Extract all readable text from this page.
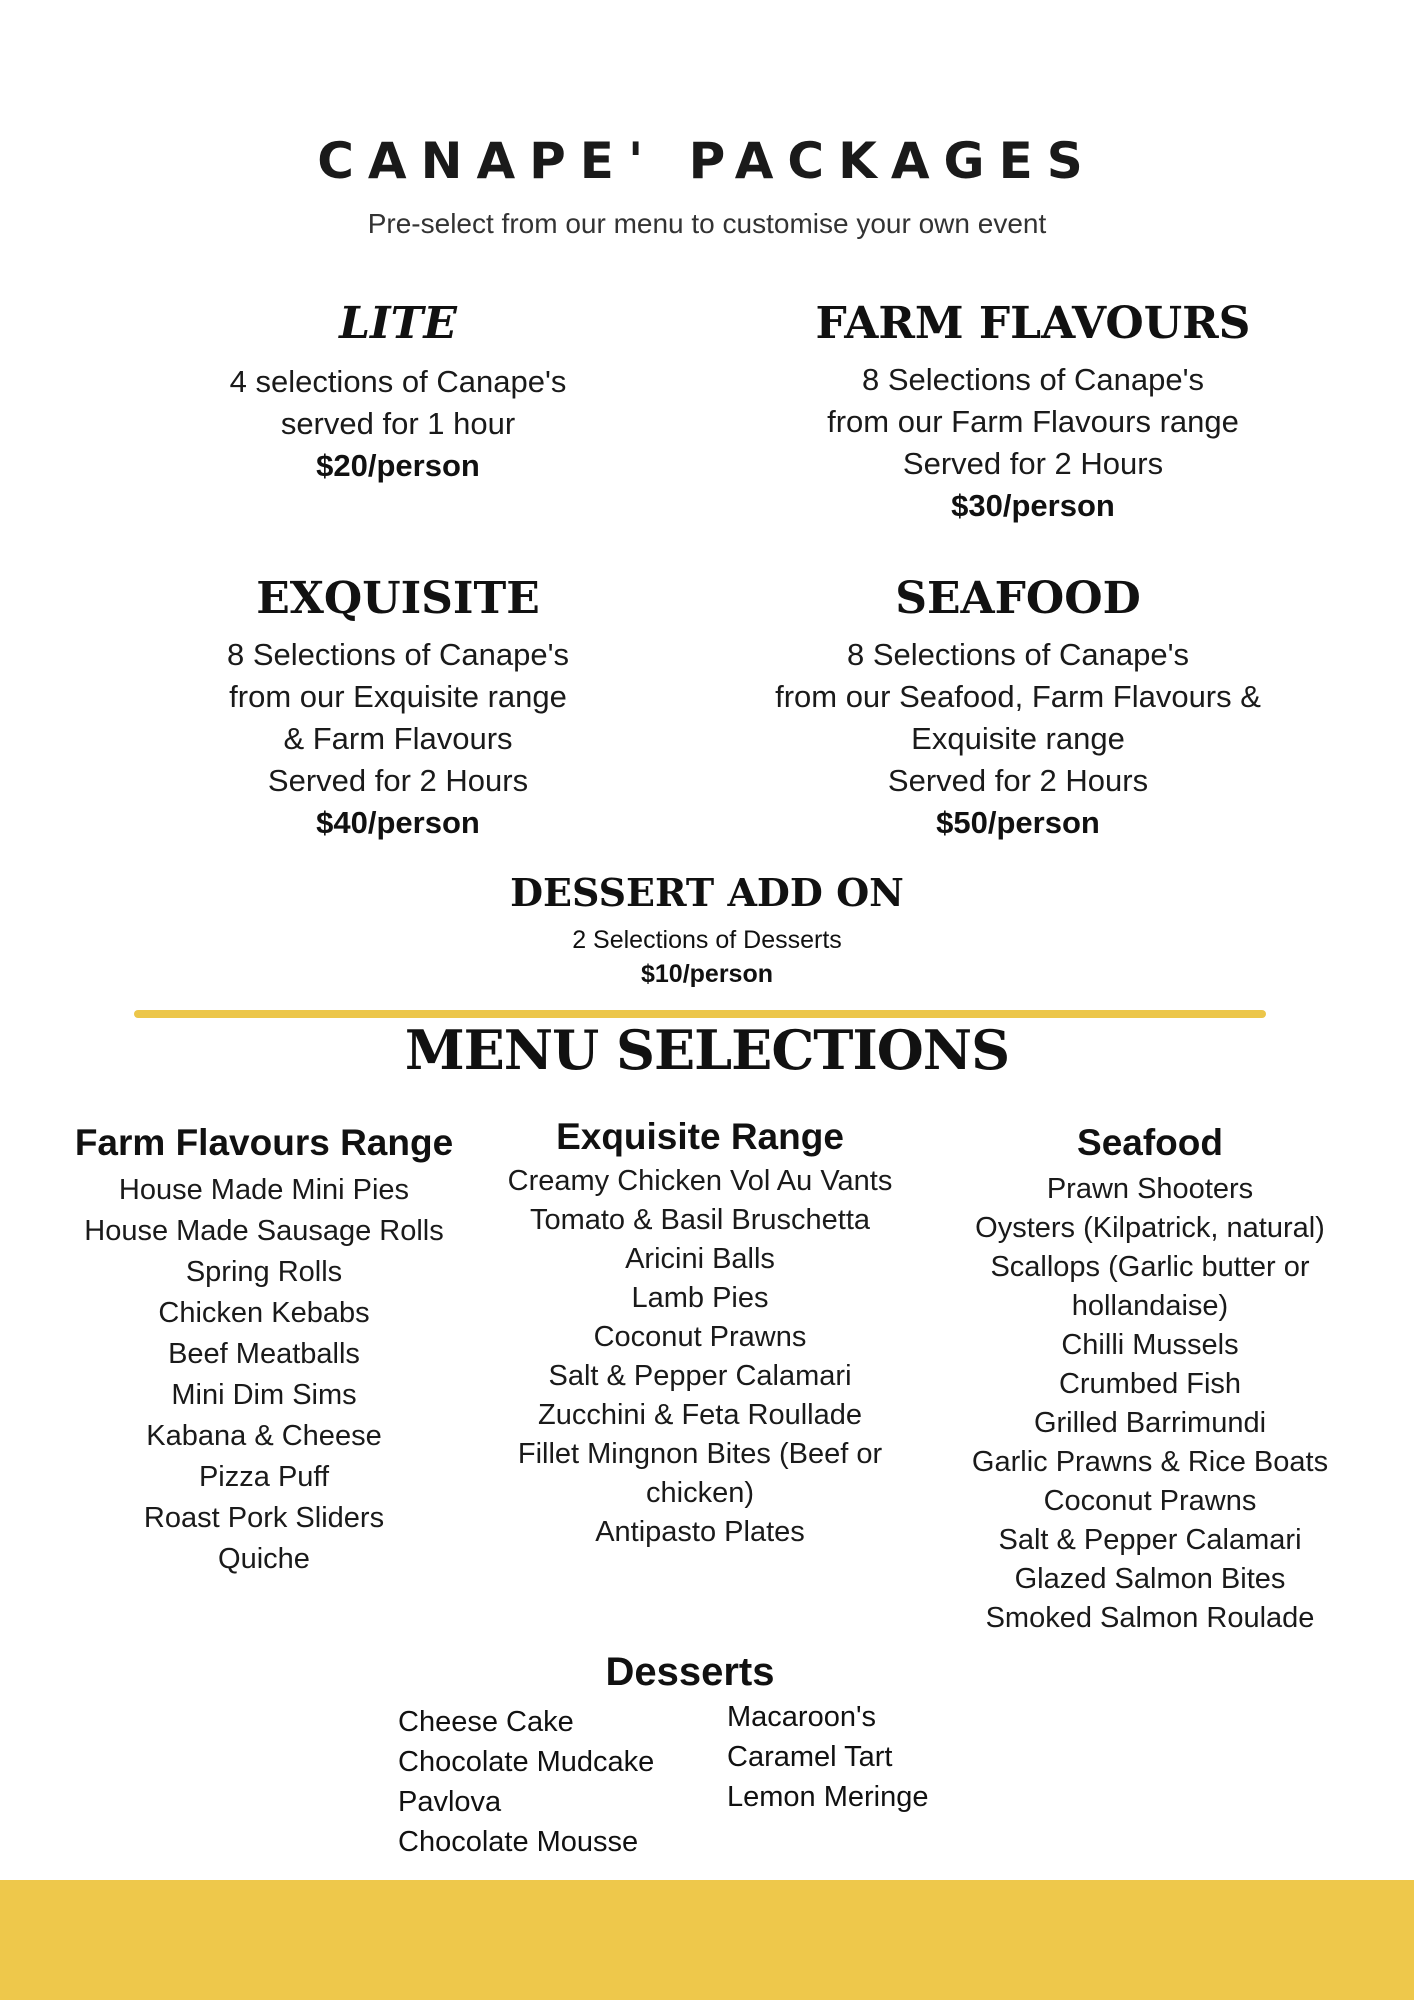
CANAPE' PACKAGES
Pre-select from our menu to customise your own event
LITE
4 selections of Canape's
served for 1 hour
$20/person
FARM FLAVOURS
8 Selections of Canape's
from our Farm Flavours range
Served for 2 Hours
$30/person
EXQUISITE
8 Selections of Canape's
from our Exquisite range
& Farm Flavours
Served for 2 Hours
$40/person
SEAFOOD
8 Selections of Canape's
from our Seafood, Farm Flavours &
Exquisite range
Served for 2 Hours
$50/person
DESSERT ADD ON
2 Selections of Desserts
$10/person
MENU SELECTIONS
Farm Flavours Range
House Made Mini Pies
House Made Sausage Rolls
Spring Rolls
Chicken Kebabs
Beef Meatballs
Mini Dim Sims
Kabana & Cheese
Pizza Puff
Roast Pork Sliders
Quiche
Exquisite Range
Creamy Chicken Vol Au Vants
Tomato & Basil Bruschetta
Aricini Balls
Lamb Pies
Coconut Prawns
Salt & Pepper Calamari
Zucchini & Feta Roullade
Fillet Mingnon Bites (Beef or
chicken)
Antipasto Plates
Seafood
Prawn Shooters
Oysters (Kilpatrick, natural)
Scallops (Garlic butter or
hollandaise)
Chilli Mussels
Crumbed Fish
Grilled Barrimundi
Garlic Prawns & Rice Boats
Coconut Prawns
Salt & Pepper Calamari
Glazed Salmon Bites
Smoked Salmon Roulade
Desserts
Cheese Cake
Chocolate Mudcake
Pavlova
Chocolate Mousse
Macaroon's
Caramel Tart
Lemon Meringe
